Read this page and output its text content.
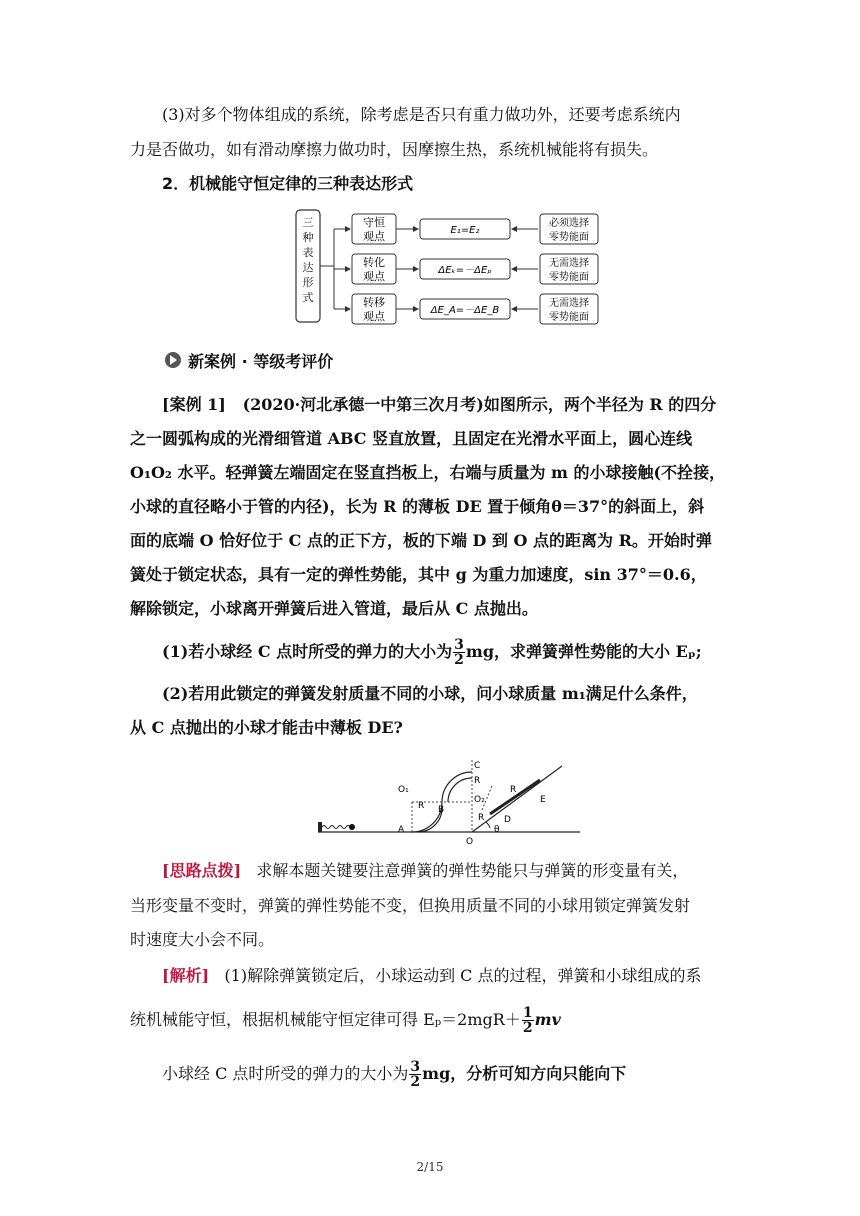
(3)对多个物体组成的系统，除考虑是否只有重力做功外，还要考虑系统内
力是否做功，如有滑动摩擦力做功时，因摩擦生热，系统机械能将有损失。
2．机械能守恒定律的三种表达形式
三种表达形式
守恒
观点	E₁=E₂
必须选择
零势能面
转化
观点	ΔEₖ=－ΔEₚ
无需选择
零势能面
转移
观点	ΔE_A=－ΔE_B
无需选择
零势能面
新案例 · 等级考评价
[案例 1] (2020·河北承德一中第三次月考)如图所示，两个半径为 R 的四分
之一圆弧构成的光滑细管道 ABC 竖直放置，且固定在光滑水平面上，圆心连线
O₁O₂ 水平。轻弹簧左端固定在竖直挡板上，右端与质量为 m 的小球接触(不拴接，
小球的直径略小于管的内径)，长为 R 的薄板 DE 置于倾角θ＝37°的斜面上，斜
面的底端 O 恰好位于 C 点的正下方，板的下端 D 到 O 点的距离为 R。开始时弹
簧处于锁定状态，具有一定的弹性势能，其中 g 为重力加速度，sin 37°＝0.6，
解除锁定，小球离开弹簧后进入管道，最后从 C 点抛出。
(1)若小球经 C 点时所受的弹力的大小为 $\frac{3}{2}$ mg，求弹簧弹性势能的大小 Eₚ;
(2)若用此锁定的弹簧发射质量不同的小球，问小球质量 m₁满足什么条件，
从 C 点抛出的小球才能击中薄板 DE?
C
R
O₁
O₂
R B
A
R
R
D
E
O
θ
[思路点拨] 求解本题关键要注意弹簧的弹性势能只与弹簧的形变量有关，
当形变量不变时，弹簧的弹性势能不变，但换用质量不同的小球用锁定弹簧发射
时速度大小会不同。
[解析] (1)解除弹簧锁定后，小球运动到 C 点的过程，弹簧和小球组成的系
统机械能守恒，根据机械能守恒定律可得 $E_p=2mgR+ \frac{1}{2}$ mv
小球经 C 点时所受的弹力的大小为 $\frac{3}{2}$ mg，分析可知方向只能向下
2/15
